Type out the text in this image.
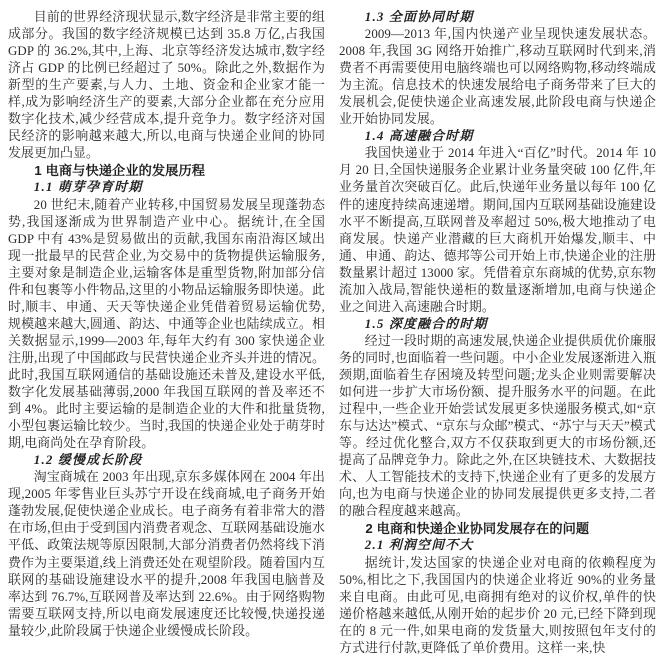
目前的世界经济现状显示,数字经济是非常主要的组成部分。我国的数字经济规模已达到 35.8 万亿,占我国 GDP 的 36.2%,其中,上海、北京等经济发达城市,数字经济占 GDP 的比例已经超过了 50%。除此之外,数据作为新型的生产要素,与人力、土地、资金和企业家才能一样,成为影响经济生产的要素,大部分企业都在充分应用数字化技术,减少经营成本,提升竞争力。数字经济对国民经济的影响越来越大,所以,电商与快递企业间的协同发展更加凸显。

1 电商与快递企业的发展历程

1.1 萌芽孕育时期

20 世纪末,随着产业转移,中国贸易发展呈现蓬勃态势,我国逐渐成为世界制造产业中心。据统计,在全国 GDP 中有 43%是贸易做出的贡献,我国东南沿海区域出现一批最早的民营企业,为交易中的货物提供运输服务,主要对象是制造企业,运输客体是重型货物,附加部分信件和包裹等小件物品,这里的小物品运输服务即快递。此时,顺丰、申通、天天等快递企业凭借着贸易运输优势,规模越来越大,圆通、韵达、中通等企业也陆续成立。相关数据显示,1999—2003 年,每年大约有 300 家快递企业注册,出现了中国邮政与民营快递企业齐头并进的情况。此时,我国互联网通信的基础设施还未普及,建设水平低,数字化发展基础薄弱,2000 年我国互联网的普及率还不到 4%。此时主要运输的是制造企业的大件和批量货物,小型包裹运输比较少。当时,我国的快递企业处于萌芽时期,电商尚处在孕育阶段。

1.2 缓慢成长阶段

淘宝商城在 2003 年出现,京东多媒体网在 2004 年出现,2005 年零售业巨头苏宁开设在线商城,电子商务开始蓬勃发展,促使快递企业成长。电子商务有着非常大的潜在市场,但由于受到国内消费者观念、互联网基础设施水平低、政策法规等原因限制,大部分消费者仍然将线下消费作为主要渠道,线上消费还处在观望阶段。随着国内互联网的基础设施建设水平的提升,2008 年我国电脑普及率达到 76.7%,互联网普及率达到 22.6%。由于网络购物需要互联网支持,所以电商发展速度还比较慢,快递投递量较少,此阶段属于快递企业缓慢成长阶段。

1.3 全面协同时期

2009—2013 年,国内快递产业呈现快速发展状态。2008 年,我国 3G 网络开始推广,移动互联网时代到来,消费者不再需要使用电脑终端也可以网络购物,移动终端成为主流。信息技术的快速发展给电子商务带来了巨大的发展机会,促使快递企业高速发展,此阶段电商与快递企业开始协同发展。

1.4 高速融合时期

我国快递业于 2014 年进入“百亿”时代。2014 年 10 月 20 日,全国快递服务企业累计业务量突破 100 亿件,年业务量首次突破百亿。此后,快递年业务量以每年 100 亿件的速度持续高速递增。期间,国内互联网基础设施建设水平不断提高,互联网普及率超过 50%,极大地推动了电商发展。快递产业潜藏的巨大商机开始爆发,顺丰、中通、申通、韵达、德邦等公司开始上市,快递企业的注册数量累计超过 13000 家。凭借着京东商城的优势,京东物流加入战局,智能快递柜的数量逐渐增加,电商与快递企业之间进入高速融合时期。

1.5 深度融合的时期

经过一段时期的高速发展,快递企业提供质优价廉服务的同时,也面临着一些问题。中小企业发展逐渐进入瓶颈期,面临着生存困境及转型问题;龙头企业则需要解决如何进一步扩大市场份额、提升服务水平的问题。在此过程中,一些企业开始尝试发展更多快递服务模式,如“京东与达达”模式、“京东与众邮”模式、“苏宁与天天”模式等。经过优化整合,双方不仅获取到更大的市场份额,还提高了品牌竞争力。除此之外,在区块链技术、大数据技术、人工智能技术的支持下,快递企业有了更多的发展方向,也为电商与快递企业的协同发展提供更多支持,二者的融合程度越来越高。

2 电商和快递企业协同发展存在的问题

2.1 利润空间不大

据统计,发达国家的快递企业对电商的依赖程度为 50%,相比之下,我国国内的快递企业将近 90%的业务量来自电商。由此可见,电商拥有绝对的议价权,单件的快递价格越来越低,从刚开始的起步价 20 元,已经下降到现在的 8 元一件,如果电商的发货量大,则按照包年支付的方式进行付款,更降低了单价费用。这样一来,快
